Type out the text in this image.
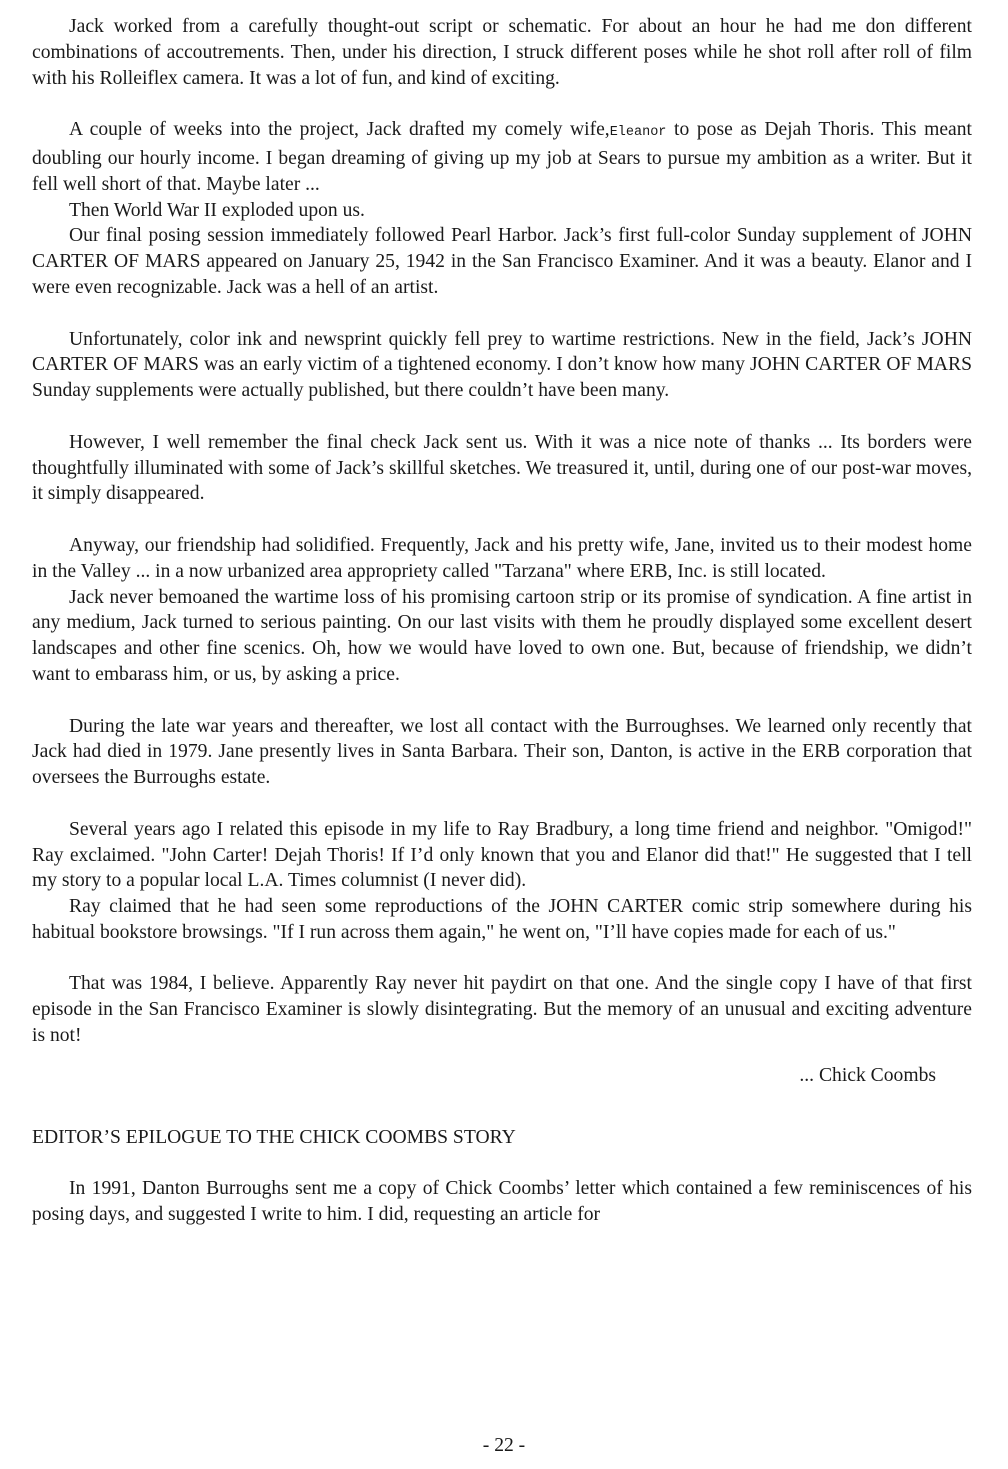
Jack worked from a carefully thought-out script or schematic. For about an hour he had me don different combinations of accoutrements. Then, under his direction, I struck different poses while he shot roll after roll of film with his Rolleiflex camera. It was a lot of fun, and kind of exciting.

A couple of weeks into the project, Jack drafted my comely wife,Eleanor to pose as Dejah Thoris. This meant doubling our hourly income. I began dreaming of giving up my job at Sears to pursue my ambition as a writer. But it fell well short of that. Maybe later ...

Then World War II exploded upon us.

Our final posing session immediately followed Pearl Harbor. Jack’s first full-color Sunday supplement of JOHN CARTER OF MARS appeared on January 25, 1942 in the San Francisco Examiner. And it was a beauty. Elanor and I were even recognizable. Jack was a hell of an artist.

Unfortunately, color ink and newsprint quickly fell prey to wartime restrictions. New in the field, Jack’s JOHN CARTER OF MARS was an early victim of a tightened economy. I don’t know how many JOHN CARTER OF MARS Sunday supplements were actually published, but there couldn’t have been many.

However, I well remember the final check Jack sent us. With it was a nice note of thanks ... Its borders were thoughtfully illuminated with some of Jack’s skillful sketches. We treasured it, until, during one of our post-war moves, it simply disappeared.

Anyway, our friendship had solidified. Frequently, Jack and his pretty wife, Jane, invited us to their modest home in the Valley ... in a now urbanized area appropriety called "Tarzana" where ERB, Inc. is still located.

Jack never bemoaned the wartime loss of his promising cartoon strip or its promise of syndication. A fine artist in any medium, Jack turned to serious painting. On our last visits with them he proudly displayed some excellent desert landscapes and other fine scenics. Oh, how we would have loved to own one. But, because of friendship, we didn’t want to embarass him, or us, by asking a price.

During the late war years and thereafter, we lost all contact with the Burroughses. We learned only recently that Jack had died in 1979. Jane presently lives in Santa Barbara. Their son, Danton, is active in the ERB corporation that oversees the Burroughs estate.

Several years ago I related this episode in my life to Ray Bradbury, a long time friend and neighbor. "Omigod!" Ray exclaimed. "John Carter! Dejah Thoris! If I’d only known that you and Elanor did that!" He suggested that I tell my story to a popular local L.A. Times columnist (I never did).

Ray claimed that he had seen some reproductions of the JOHN CARTER comic strip somewhere during his habitual bookstore browsings. "If I run across them again," he went on, "I’ll have copies made for each of us."

That was 1984, I believe. Apparently Ray never hit paydirt on that one. And the single copy I have of that first episode in the San Francisco Examiner is slowly disintegrating. But the memory of an unusual and exciting adventure is not!

... Chick Coombs

EDITOR’S EPILOGUE TO THE CHICK COOMBS STORY

In 1991, Danton Burroughs sent me a copy of Chick Coombs’ letter which contained a few reminiscences of his posing days, and suggested I write to him. I did, requesting an article for

- 22 -
